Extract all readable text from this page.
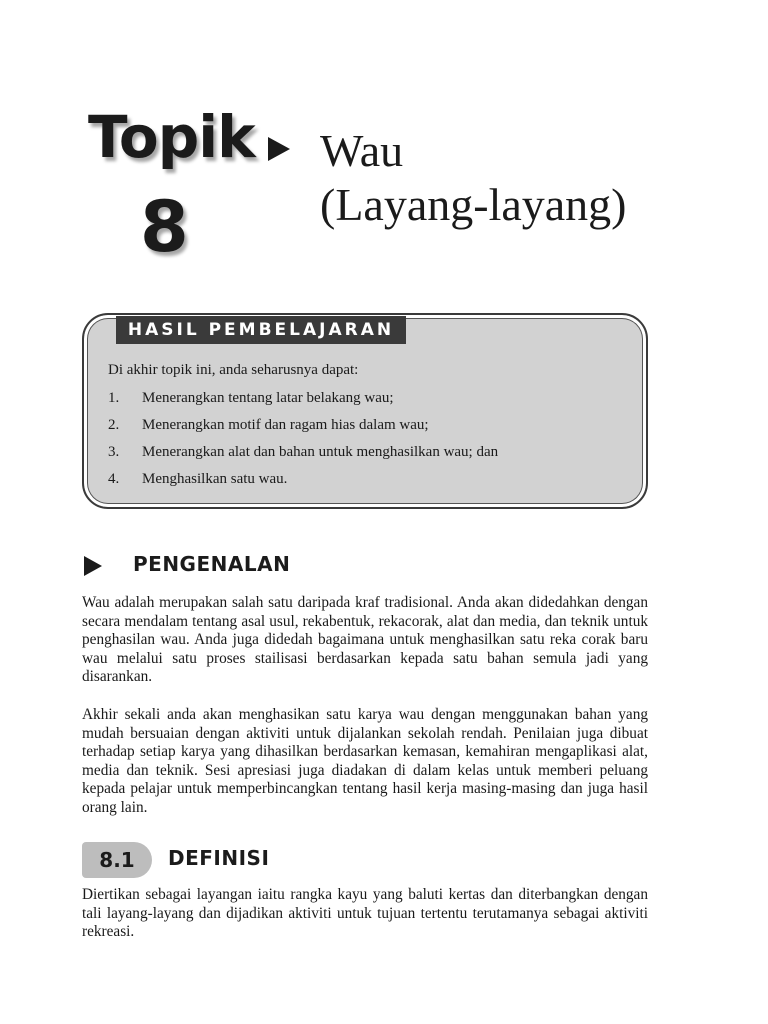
Topik
8
Wau
(Layang-layang)
HASIL PEMBELAJARAN
Di akhir topik ini, anda seharusnya dapat:
1.	Menerangkan tentang latar belakang wau;
2.	Menerangkan motif dan ragam hias dalam wau;
3.	Menerangkan alat dan bahan untuk menghasilkan wau; dan
4.	Menghasilkan satu wau.
PENGENALAN

Wau adalah merupakan salah satu daripada kraf tradisional. Anda akan didedahkan dengan secara mendalam tentang asal usul, rekabentuk, rekacorak, alat dan media, dan teknik untuk penghasilan wau. Anda juga didedah bagaimana untuk menghasilkan satu reka corak baru wau melalui satu proses stailisasi berdasarkan kepada satu bahan semula jadi yang disarankan.

Akhir sekali anda akan menghasikan satu karya wau dengan menggunakan bahan yang mudah bersuaian dengan aktiviti untuk dijalankan sekolah rendah. Penilaian juga dibuat terhadap setiap karya yang dihasilkan berdasarkan kemasan, kemahiran mengaplikasi alat, media dan teknik. Sesi apresiasi juga diadakan di dalam kelas untuk memberi peluang kepada pelajar untuk memperbincangkan tentang hasil kerja masing-masing dan juga hasil orang lain.

8.1	DEFINISI

Diertikan sebagai layangan iaitu rangka kayu yang baluti kertas dan diterbangkan dengan tali layang-layang dan dijadikan aktiviti untuk tujuan tertentu terutamanya sebagai aktiviti rekreasi.
